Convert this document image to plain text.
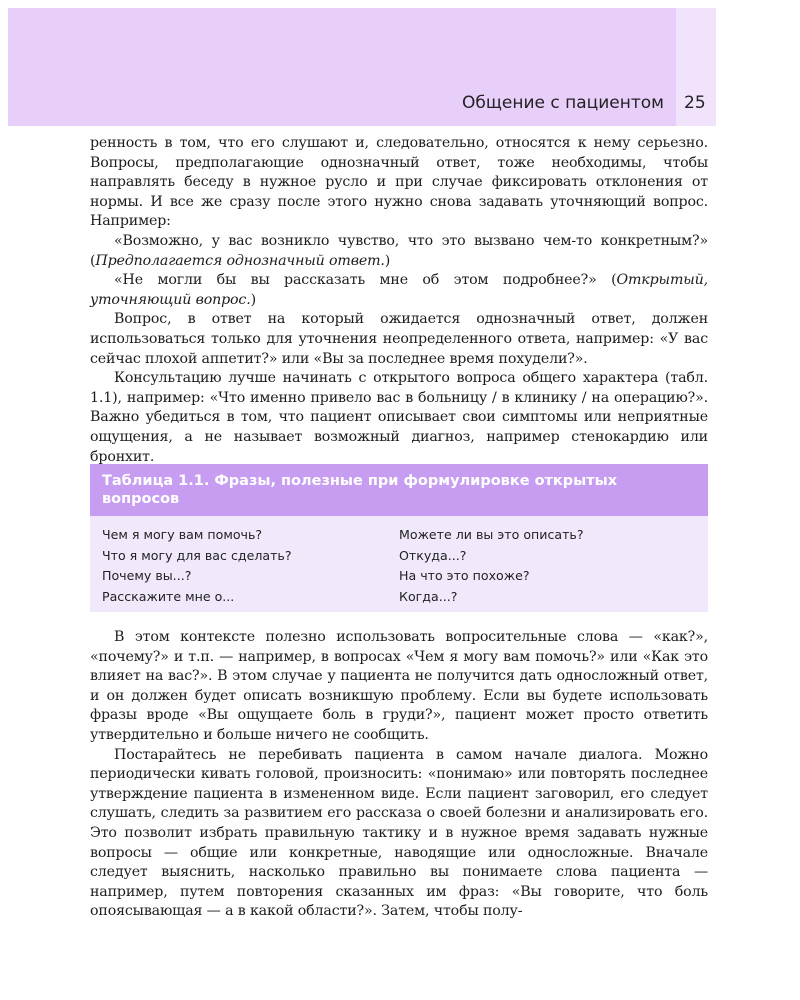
Общение с пациентом 25

ренность в том, что его слушают и, следовательно, относятся к нему серьезно. Вопросы, предполагающие однозначный ответ, тоже необходимы, чтобы направлять беседу в нужное русло и при случае фиксировать отклонения от нормы. И все же сразу после этого нужно снова задавать уточняющий вопрос. Например:

«Возможно, у вас возникло чувство, что это вызвано чем-то конкретным?» (Предполагается однозначный ответ.)

«Не могли бы вы рассказать мне об этом подробнее?» (Открытый, уточняющий вопрос.)

Вопрос, в ответ на который ожидается однозначный ответ, должен использоваться только для уточнения неопределенного ответа, например: «У вас сейчас плохой аппетит?» или «Вы за последнее время похудели?».

Консультацию лучше начинать с открытого вопроса общего характера (табл. 1.1), например: «Что именно привело вас в больницу / в клинику / на операцию?». Важно убедиться в том, что пациент описывает свои симптомы или неприятные ощущения, а не называет возможный диагноз, например стенокардию или бронхит.

Таблица 1.1. Фразы, полезные при формулировке открытых вопросов
Чем я могу вам помочь?
Что я могу для вас сделать?
Почему вы...?
Расскажите мне о...
Можете ли вы это описать?
Откуда...?
На что это похоже?
Когда...?

В этом контексте полезно использовать вопросительные слова — «как?», «почему?» и т.п. — например, в вопросах «Чем я могу вам помочь?» или «Как это влияет на вас?». В этом случае у пациента не получится дать односложный ответ, и он должен будет описать возникшую проблему. Если вы будете использовать фразы вроде «Вы ощущаете боль в груди?», пациент может просто ответить утвердительно и больше ничего не сообщить.

Постарайтесь не перебивать пациента в самом начале диалога. Можно периодически кивать головой, произносить: «понимаю» или повторять последнее утверждение пациента в измененном виде. Если пациент заговорил, его следует слушать, следить за развитием его рассказа о своей болезни и анализировать его. Это позволит избрать правильную тактику и в нужное время задавать нужные вопросы — общие или конкретные, наводящие или односложные. Вначале следует выяснить, насколько правильно вы понимаете слова пациента — например, путем повторения сказанных им фраз: «Вы говорите, что боль опоясывающая — а в какой области?». Затем, чтобы полу-
